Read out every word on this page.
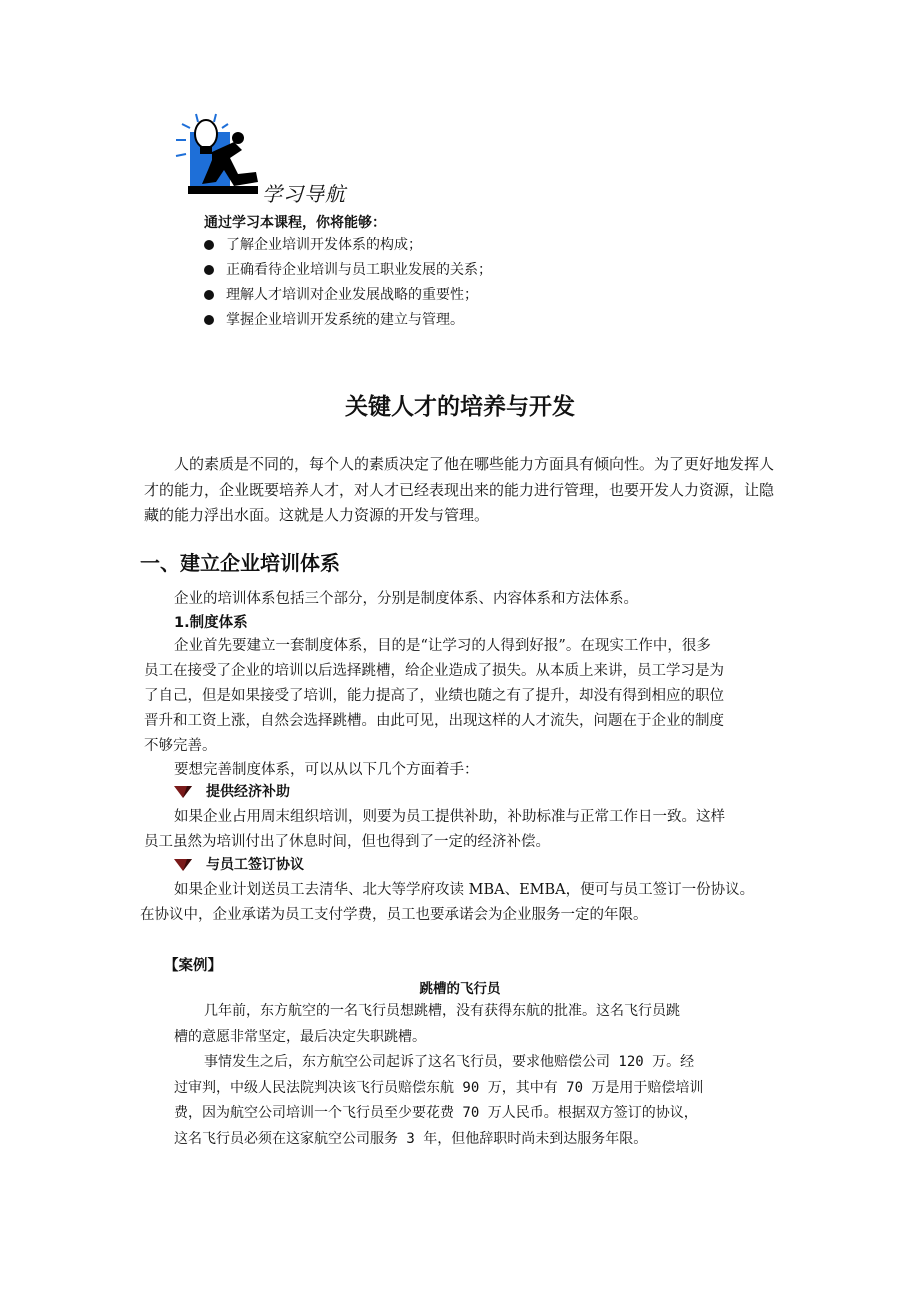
学习导航
通过学习本课程，你将能够：
了解企业培训开发体系的构成；
正确看待企业培训与员工职业发展的关系；
理解人才培训对企业发展战略的重要性；
掌握企业培训开发系统的建立与管理。
关键人才的培养与开发

人的素质是不同的，每个人的素质决定了他在哪些能力方面具有倾向性。为了更好地发挥人才的能力，企业既要培养人才，对人才已经表现出来的能力进行管理，也要开发人力资源，让隐藏的能力浮出水面。这就是人力资源的开发与管理。

一、建立企业培训体系
企业的培训体系包括三个部分，分别是制度体系、内容体系和方法体系。
1.制度体系
企业首先要建立一套制度体系，目的是“让学习的人得到好报”。在现实工作中，很多
员工在接受了企业的培训以后选择跳槽，给企业造成了损失。从本质上来讲，员工学习是为
了自己，但是如果接受了培训，能力提高了，业绩也随之有了提升，却没有得到相应的职位
晋升和工资上涨，自然会选择跳槽。由此可见，出现这样的人才流失，问题在于企业的制度
不够完善。
要想完善制度体系，可以从以下几个方面着手：
提供经济补助
如果企业占用周末组织培训，则要为员工提供补助，补助标准与正常工作日一致。这样
员工虽然为培训付出了休息时间，但也得到了一定的经济补偿。
与员工签订协议
如果企业计划送员工去清华、北大等学府攻读 MBA、EMBA，便可与员工签订一份协议。
在协议中，企业承诺为员工支付学费，员工也要承诺会为企业服务一定的年限。
【案例】
跳槽的飞行员

几年前，东方航空的一名飞行员想跳槽，没有获得东航的批准。这名飞行员跳

槽的意愿非常坚定，最后决定失职跳槽。

事情发生之后，东方航空公司起诉了这名飞行员，要求他赔偿公司 120 万。经

过审判，中级人民法院判决该飞行员赔偿东航 90 万，其中有 70 万是用于赔偿培训
费，因为航空公司培训一个飞行员至少要花费 70 万人民币。根据双方签订的协议，
这名飞行员必须在这家航空公司服务 3 年，但他辞职时尚未到达服务年限。
